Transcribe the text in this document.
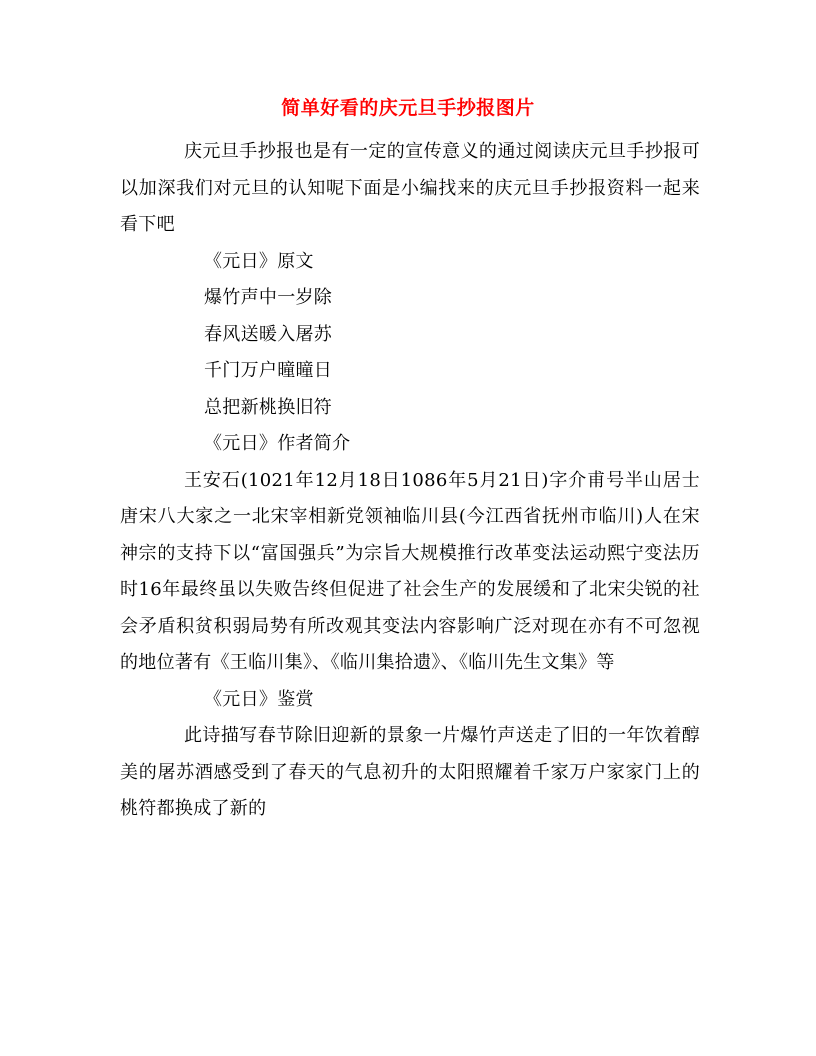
简单好看的庆元旦手抄报图片

庆元旦手抄报也是有一定的宣传意义的通过阅读庆元旦手抄报可以加深我们对元旦的认知呢下面是小编找来的庆元旦手抄报资料一起来看下吧

《元日》原文

爆竹声中一岁除

春风送暖入屠苏

千门万户曈曈日

总把新桃换旧符

《元日》作者简介

王安石(1021年12月18日1086年5月21日)字介甫号半山居士唐宋八大家之一北宋宰相新党领袖临川县(今江西省抚州市临川)人在宋神宗的支持下以“富国强兵”为宗旨大规模推行改革变法运动熙宁变法历时16年最终虽以失败告终但促进了社会生产的发展缓和了北宋尖锐的社会矛盾积贫积弱局势有所改观其变法内容影响广泛对现在亦有不可忽视的地位著有《王临川集》、《临川集拾遗》、《临川先生文集》等

《元日》鉴赏

此诗描写春节除旧迎新的景象一片爆竹声送走了旧的一年饮着醇美的屠苏酒感受到了春天的气息初升的太阳照耀着千家万户家家门上的桃符都换成了新的
